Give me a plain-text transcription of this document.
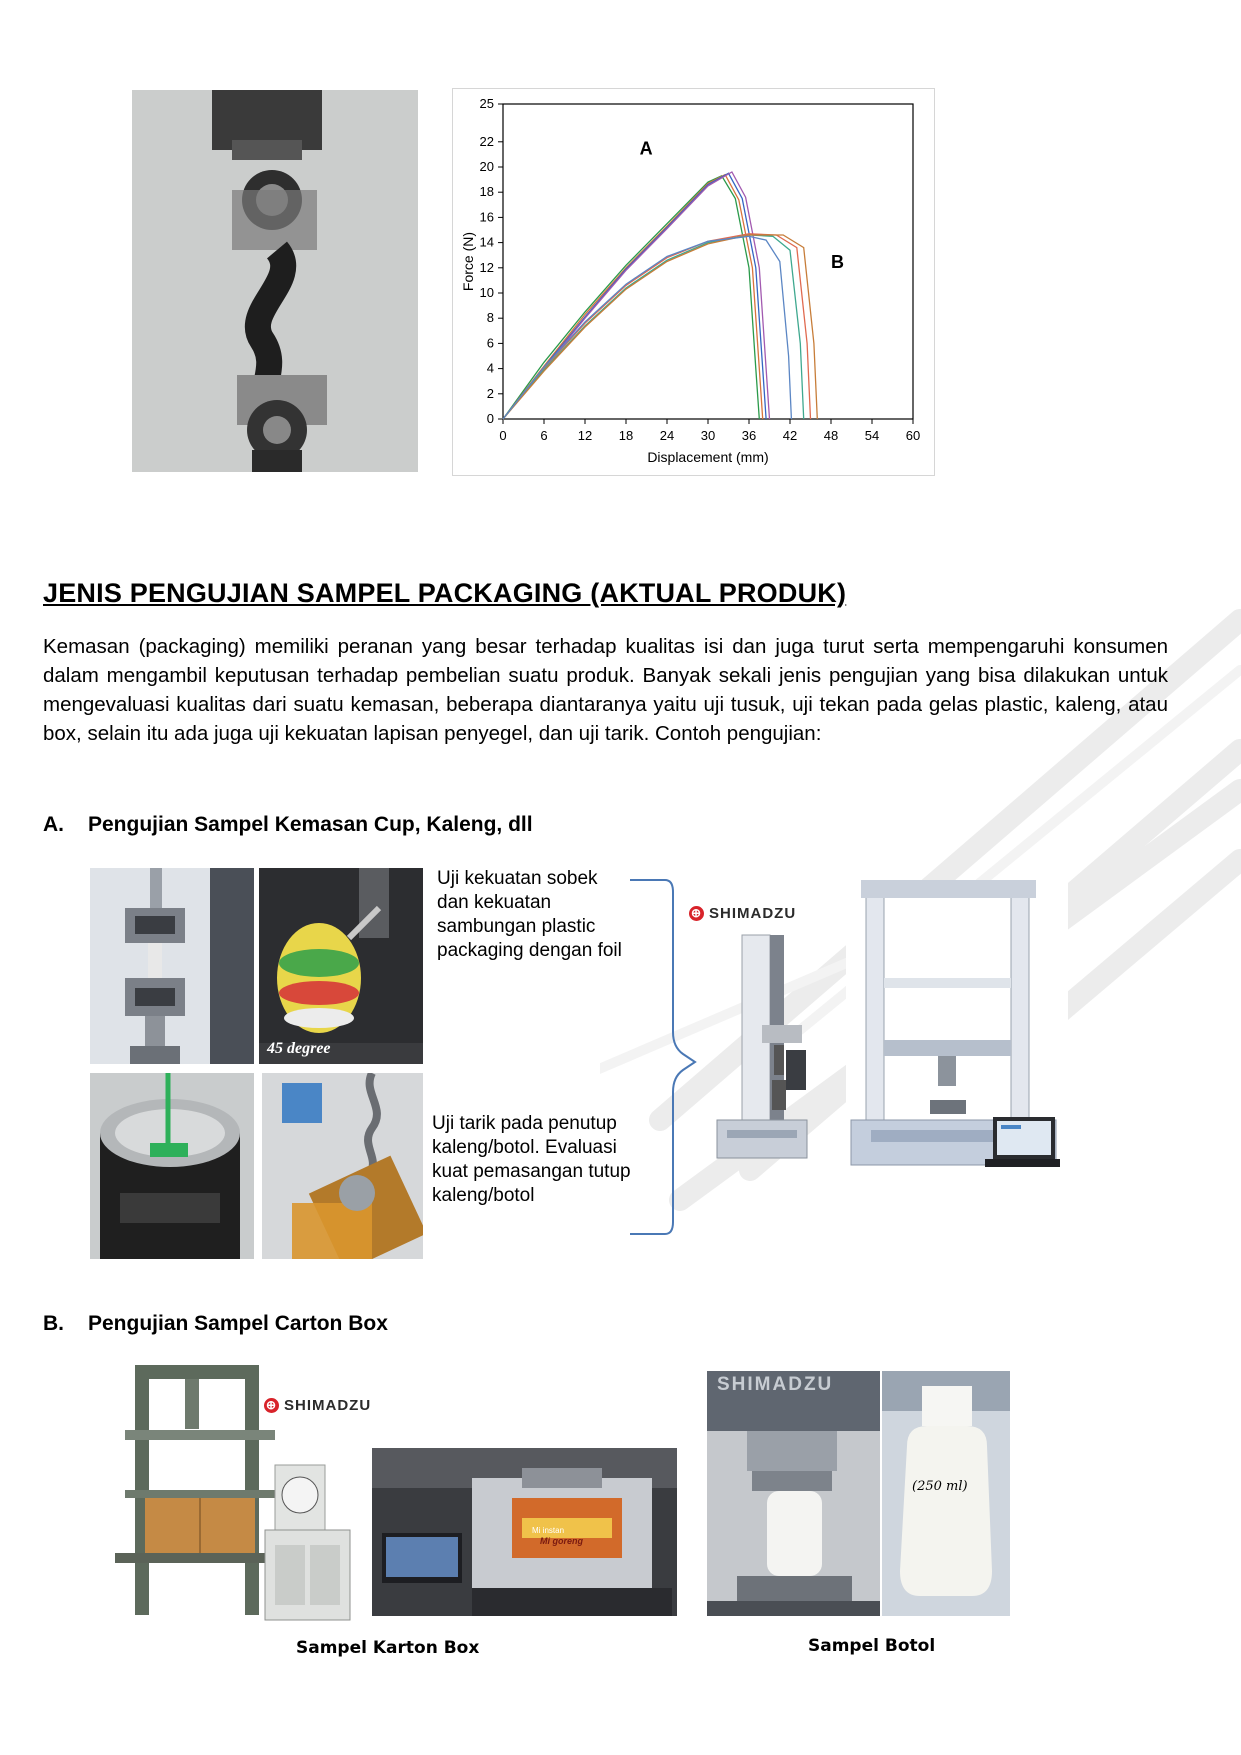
0	6 12 18 24 30 36 42 48 54 60
0
2
4
6
8
10
12
14
16
18
20
22
25
Displacement (mm)
Force (N)
A
B
JENIS PENGUJIAN SAMPEL PACKAGING (AKTUAL PRODUK)
Kemasan (packaging) memiliki peranan yang besar terhadap kualitas isi dan juga turut serta mempengaruhi konsumen dalam mengambil keputusan terhadap pembelian suatu produk. Banyak sekali jenis pengujian yang bisa dilakukan untuk mengevaluasi kualitas dari suatu kemasan, beberapa diantaranya yaitu uji tusuk, uji tekan pada gelas plastic, kaleng, atau box, selain itu ada juga uji kekuatan lapisan penyegel, dan uji tarik. Contoh pengujian:
A. Pengujian Sampel Kemasan Cup, Kaleng, dll
45 degree
Uji kekuatan sobek dan kekuatan sambungan plastic packaging dengan foil
Uji tarik pada penutup kaleng/botol. Evaluasi kuat pemasangan tutup kaleng/botol
⊕ SHIMADZU
B. Pengujian Sampel Carton Box
⊕ SHIMADZU
Mi instan
Mi goreng
SHIMADZU
(250 ml)
Sampel Karton Box	Sampel Botol
